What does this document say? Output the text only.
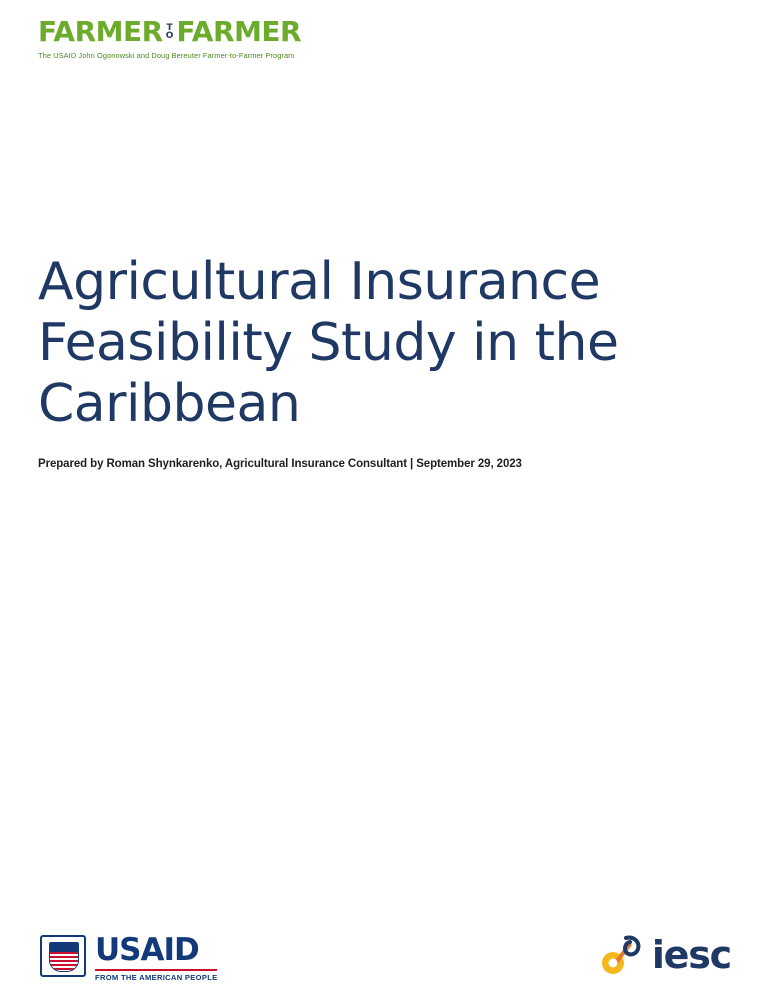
FARMER T
O FARMER
The USAID John Ogonowski and Doug Bereuter Farmer-to-Farmer Program
Agricultural Insurance Feasibility Study in the Caribbean
Prepared by Roman Shynkarenko, Agricultural Insurance Consultant | September 29, 2023
USAID
FROM THE AMERICAN PEOPLE
iesc
